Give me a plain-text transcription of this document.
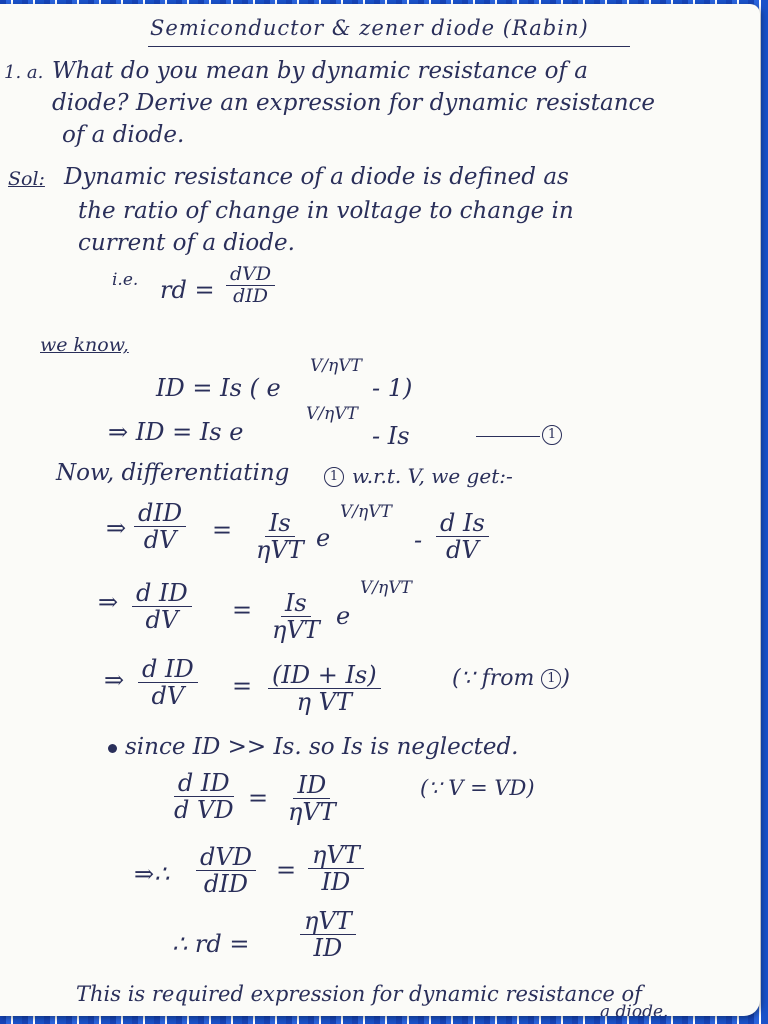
Semiconductor & zener diode (Rabin)
1. a. What do you mean by dynamic resistance of a
diode? Derive an expression for dynamic resistance
of a diode.
Sol: Dynamic resistance of a diode is defined as
the ratio of change in voltage to change in
current of a diode.
i.e. rd =
dVD
dID
we know,
ID = Is ( e
V/ηVT
- 1)
⇒ ID = Is e
V/ηVT
- Is	1
Now, differentiating	1 w.r.t. V, we get:-
⇒
dID
dV = Is
ηVT e
V/ηVT
- $\frac{\text{d Is}}{dV}$
⇒ $\frac{\text{d ID}}{dV} = Is$
ηVT
e
V/ηVT
⇒ $\frac{\text{d ID}}{dV} = \frac{(ID + Is)}{\text{η VT}}$	(∵ from 1 )
since ID >> Is. so Is is neglected.
$\frac{\text{d ID}}{\text{d VD}}$ = ID
ηVT
(∵ V = VD)
⇒∴
dVD
dID
=
ηVT
ID
∴ rd =
ηVT
ID
This is required expression for dynamic resistance of
a diode.
